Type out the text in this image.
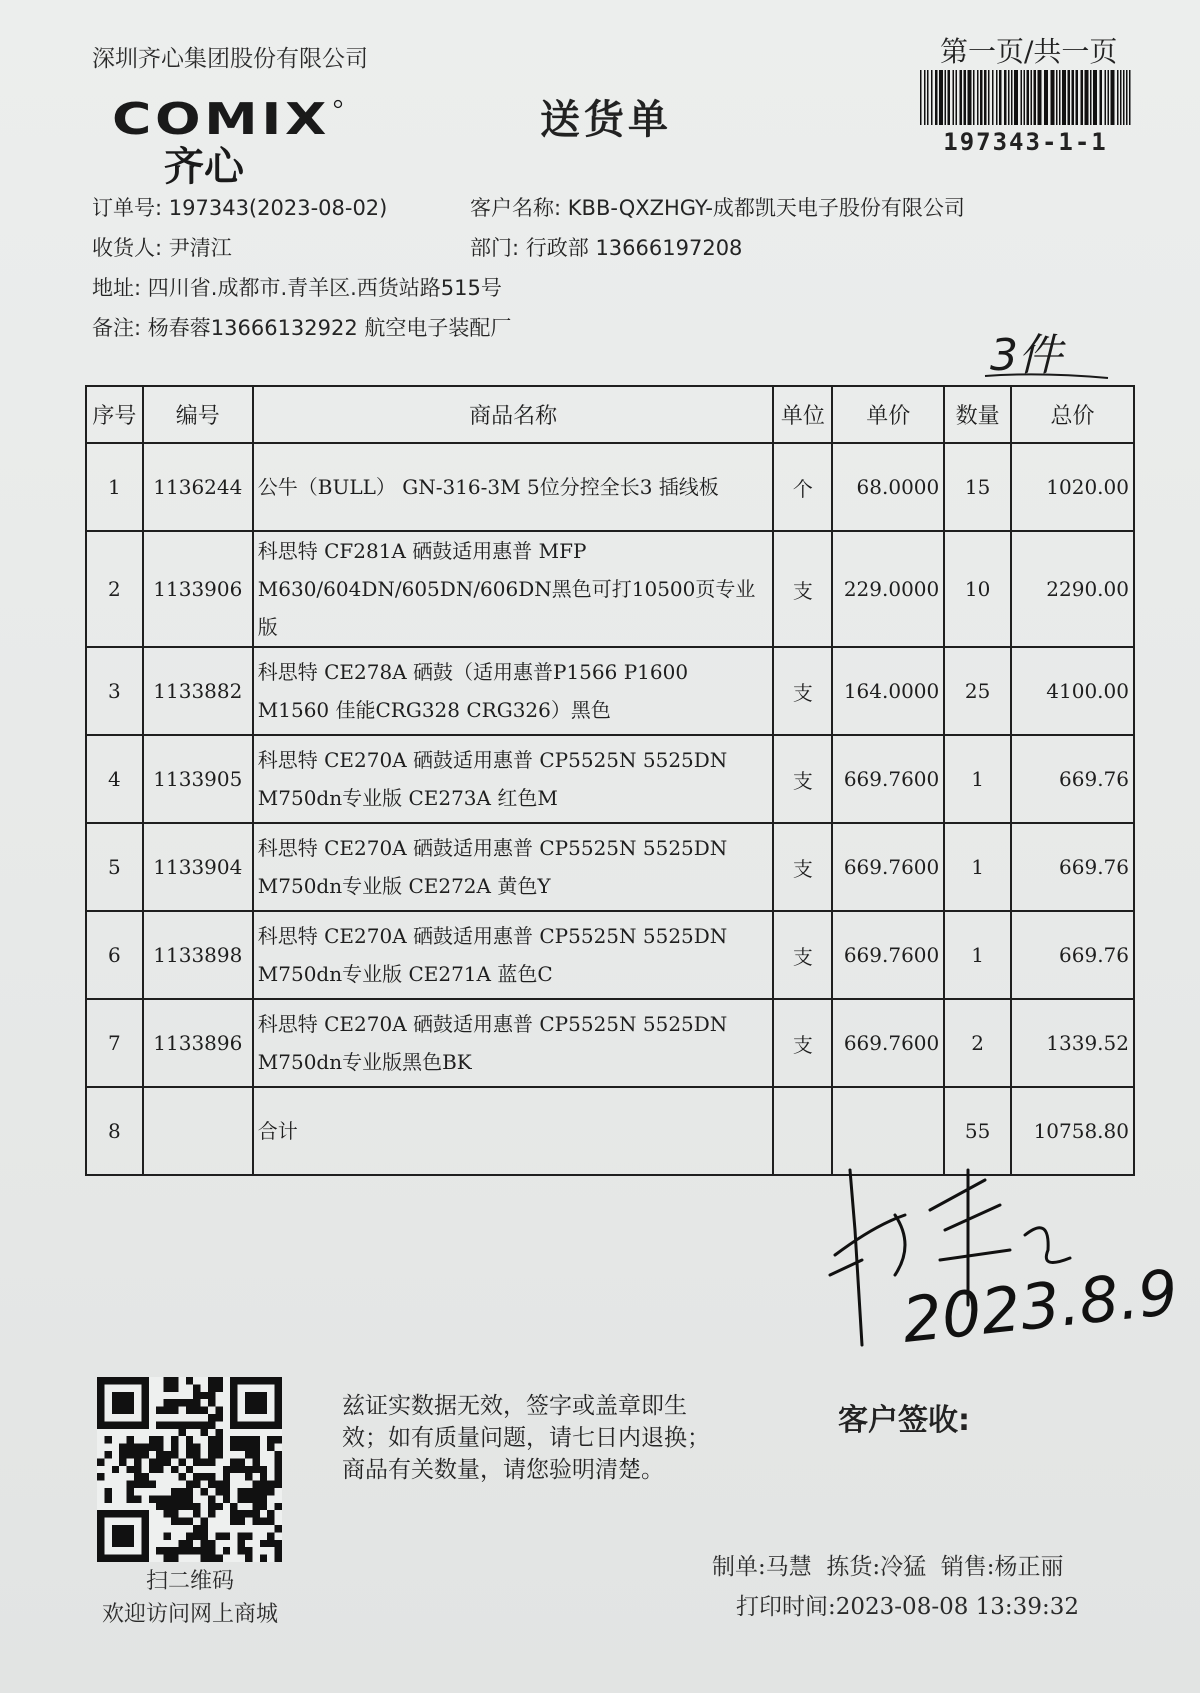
深圳齐心集团股份有限公司	第一页/共一页
COMIX
齐心
送货单	197343-1-1
订单号: 197343(2023-08-02)	客户名称: KBB-QXZHGY-成都凯天电子股份有限公司
收货人: 尹清江	部门: 行政部 13666197208
地址: 四川省.成都市.青羊区.西货站路515号
备注: 杨春蓉13666132922 航空电子装配厂
序号	编号	商品名称	单位	单价	数量	总价
1	1136244	公牛（BULL） GN-316-3M 5位分控全长3 插线板	个	68.0000	15	1020.00
2	1133906	科思特 CF281A 硒鼓适用惠普 MFP
M630/604DN/605DN/606DN黑色可打10500页专业版	支	229.0000	10	2290.00
3	1133882	科思特 CE278A 硒鼓（适用惠普P1566 P1600
M1560 佳能CRG328 CRG326）黑色	支	164.0000	25	4100.00
4	1133905	科思特 CE270A 硒鼓适用惠普 CP5525N 5525DN
M750dn专业版 CE273A 红色M	支	669.7600	1	669.76
5	1133904	科思特 CE270A 硒鼓适用惠普 CP5525N 5525DN
M750dn专业版 CE272A 黄色Y	支	669.7600	1	669.76
6	1133898	科思特 CE270A 硒鼓适用惠普 CP5525N 5525DN
M750dn专业版 CE271A 蓝色C	支	669.7600	1	669.76
7	1133896	科思特 CE270A 硒鼓适用惠普 CP5525N 5525DN
M750dn专业版黑色BK	支	669.7600	2	1339.52
8		合计			55	10758.80
3件
2023.8.9
扫二维码
欢迎访问网上商城
兹证实数据无效，签字或盖章即生
效；如有质量问题，请七日内退换；
商品有关数量，请您验明清楚。
客户签收:
制单:马慧 拣货:冷猛 销售:杨正丽
打印时间:2023-08-08 13:39:32
